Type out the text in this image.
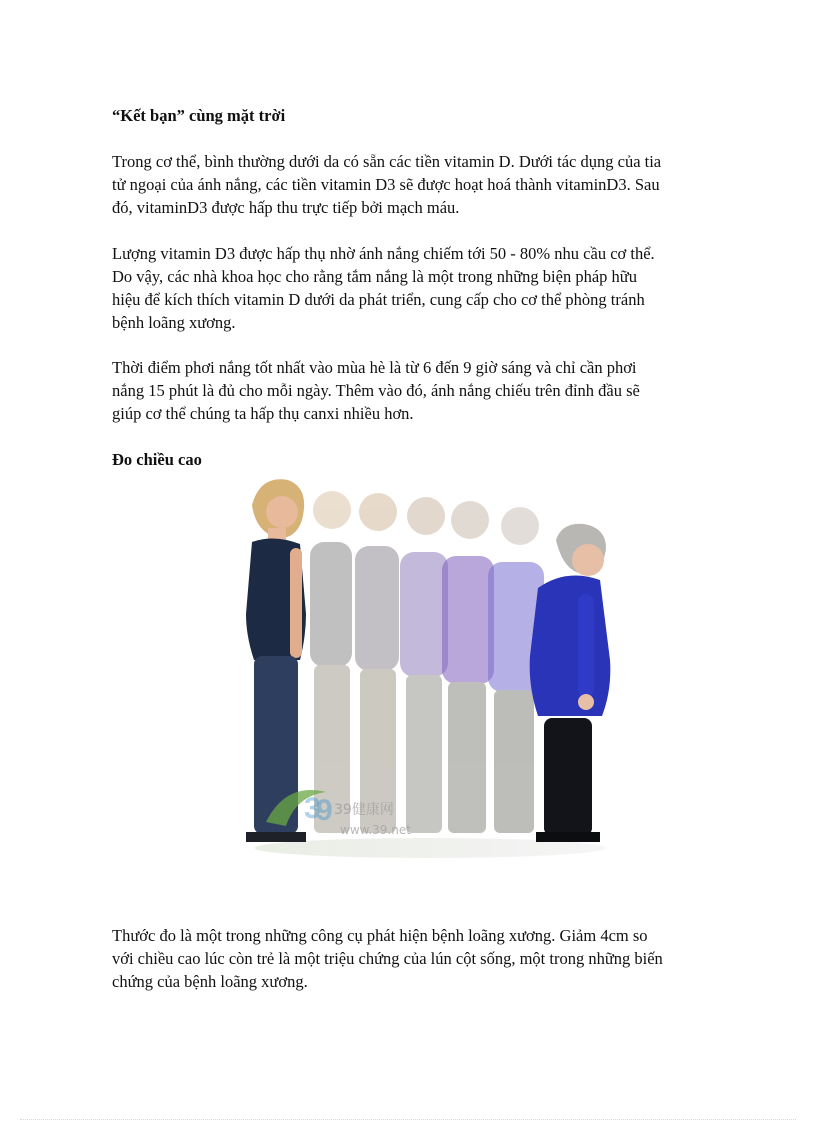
“Kết bạn” cùng mặt trời

Trong cơ thể, bình thường dưới da có sẵn các tiền vitamin D. Dưới tác dụng của tia
tử ngoại của ánh nắng, các tiền vitamin D3 sẽ được hoạt hoá thành vitaminD3. Sau
đó, vitaminD3 được hấp thu trực tiếp bởi mạch máu.

Lượng vitamin D3 được hấp thụ nhờ ánh nắng chiếm tới 50 - 80% nhu cầu cơ thể.
Do vậy, các nhà khoa học cho rằng tắm nắng là một trong những biện pháp hữu
hiệu để kích thích vitamin D dưới da phát triển, cung cấp cho cơ thể phòng tránh
bệnh loãng xương.

Thời điểm phơi nắng tốt nhất vào mùa hè là từ 6 đến 9 giờ sáng và chỉ cần phơi
nắng 15 phút là đủ cho mỗi ngày. Thêm vào đó, ánh nắng chiếu trên đỉnh đầu sẽ
giúp cơ thể chúng ta hấp thụ canxi nhiều hơn.

Đo chiều cao
3
9 39健康网
www.39.net

Thước đo là một trong những công cụ phát hiện bệnh loãng xương. Giảm 4cm so
với chiều cao lúc còn trẻ là một triệu chứng của lún cột sống, một trong những biến
chứng của bệnh loãng xương.
